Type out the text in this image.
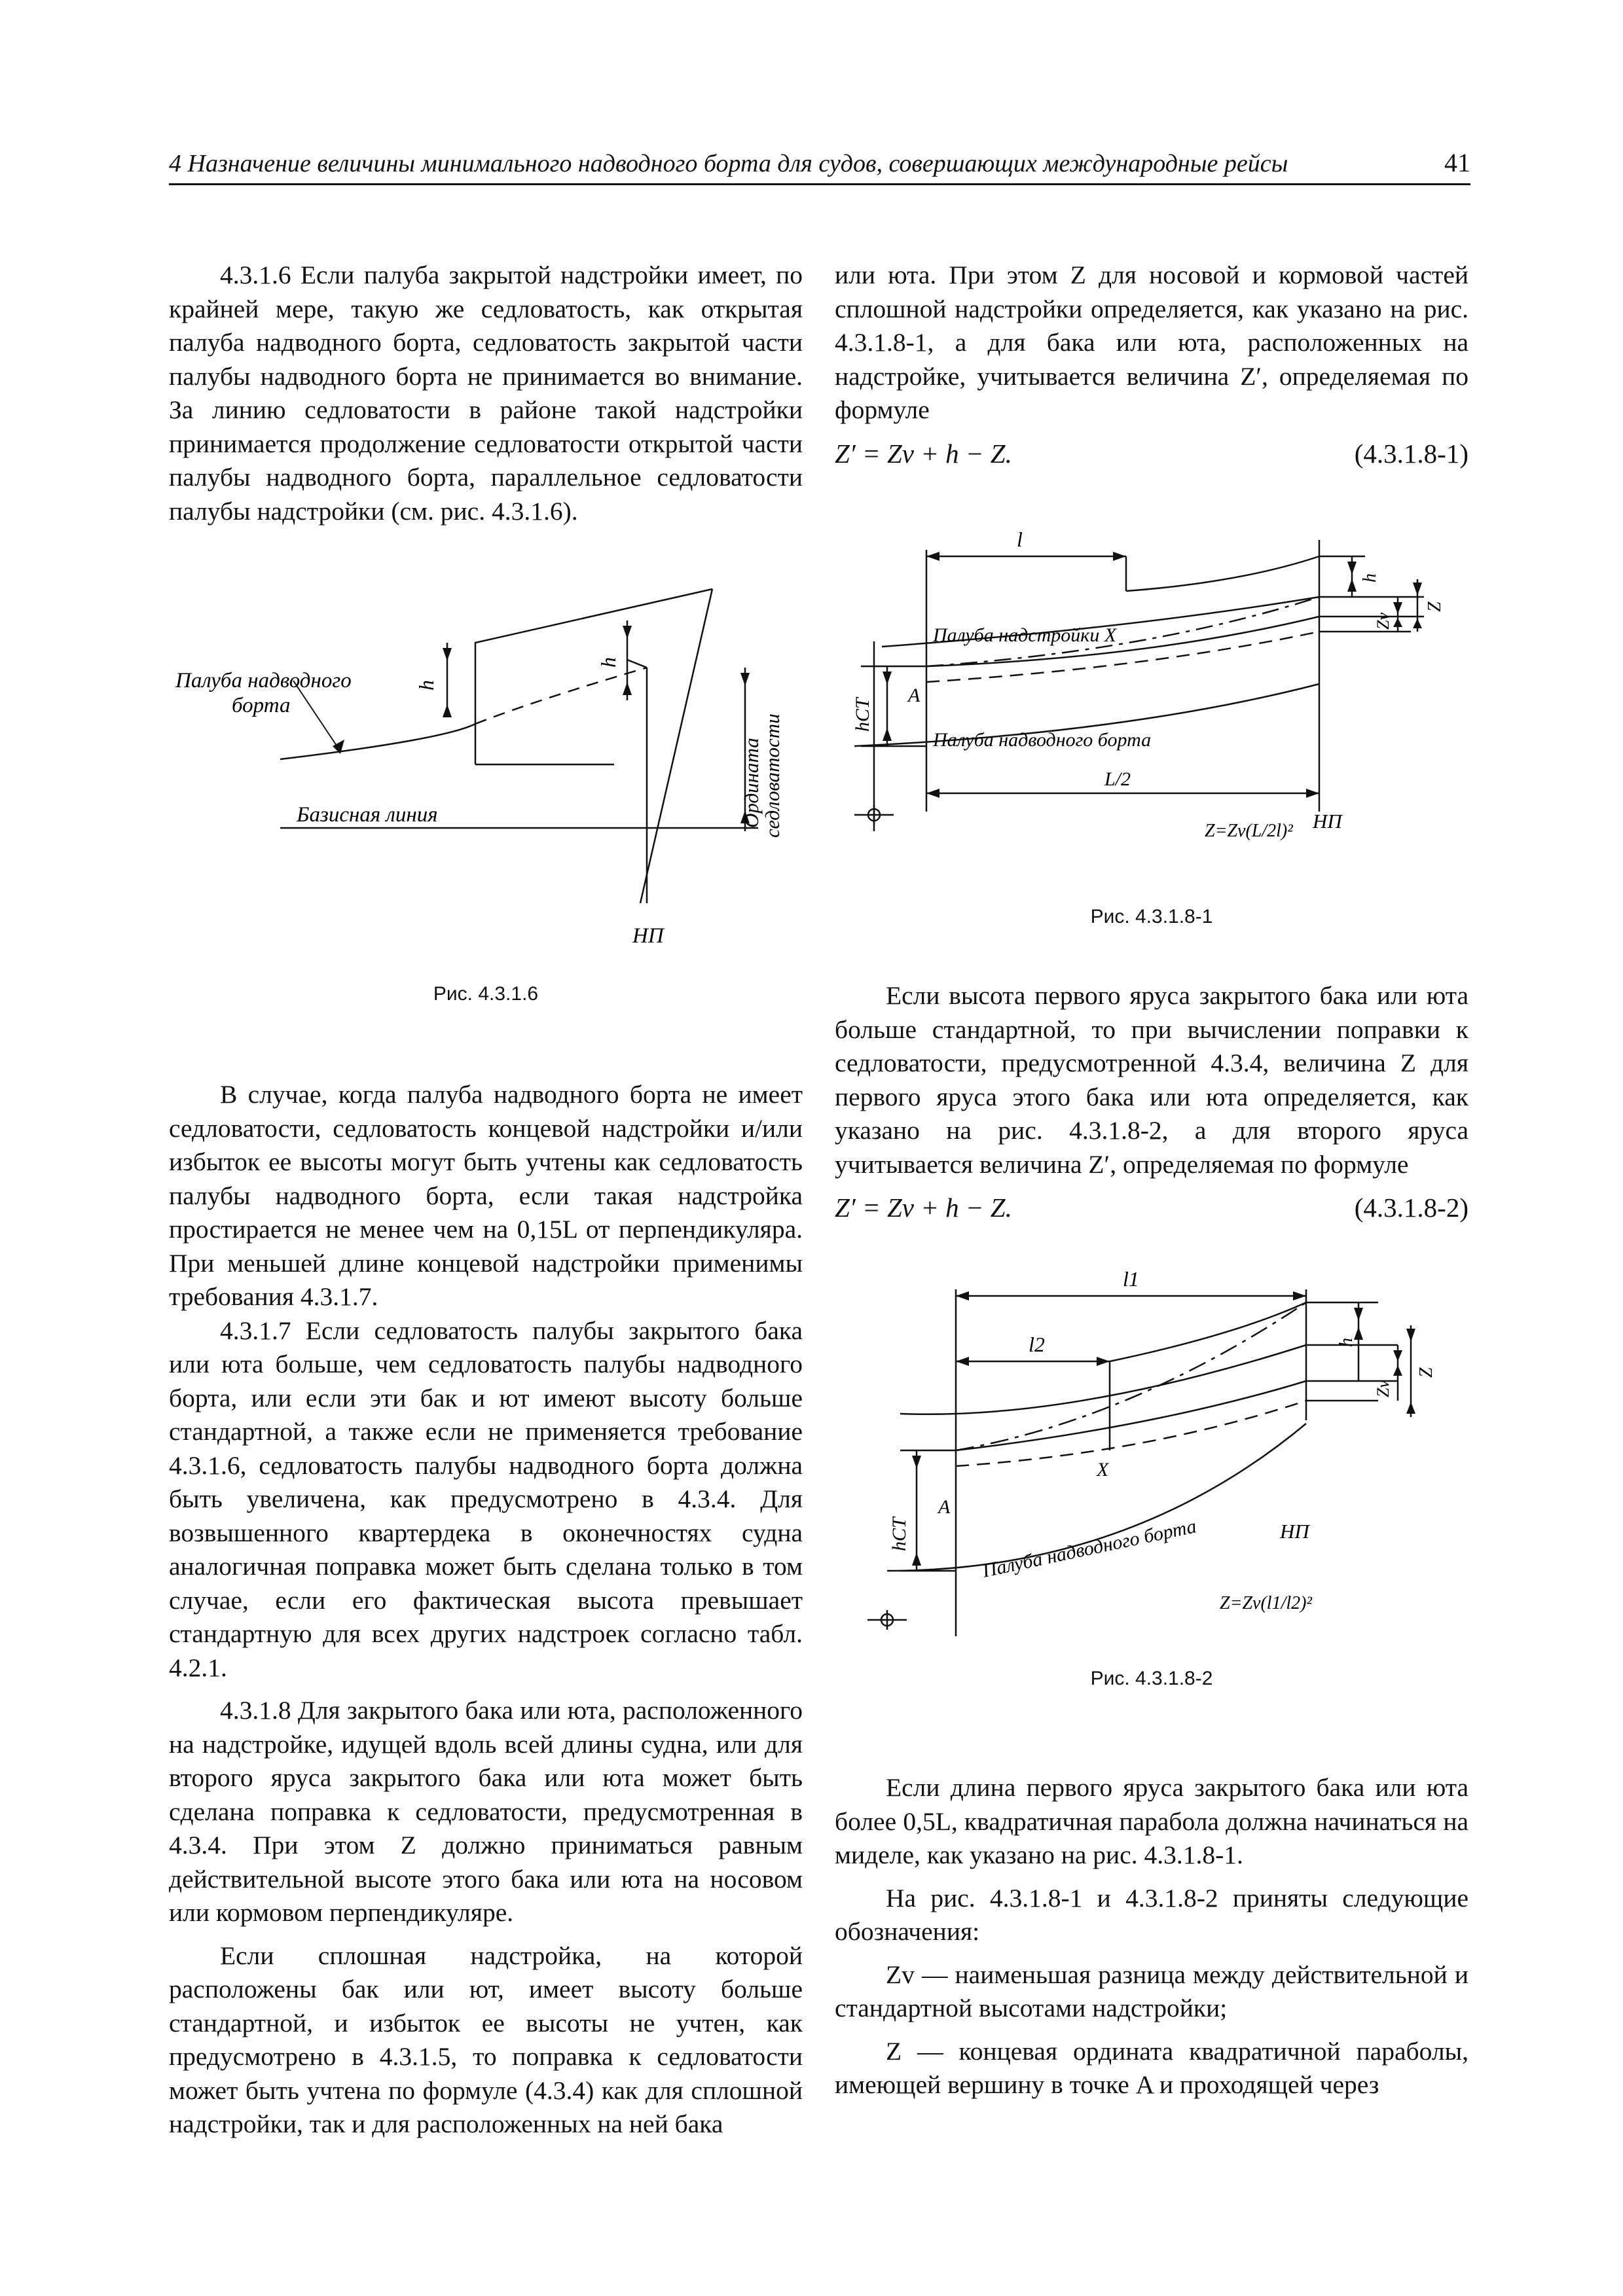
4 Назначение величины минимального надводного борта для судов, совершающих международные рейсы	41

4.3.1.6 Если палуба закрытой надстройки имеет, по крайней мере, такую же седловатость, как открытая палуба надводного борта, седловатость закрытой части палубы надводного борта не принимается во внимание. За линию седловатости в районе такой надстройки принимается продолжение седловатости открытой части палубы надводного борта, параллельное седловатости палубы надстройки (см. рис. 4.3.1.6).

Палуба надводного
борта
Базисная линия
НП
h
h
Ордината
седловатости
Рис. 4.3.1.6

В случае, когда палуба надводного борта не имеет седловатости, седловатость концевой надстройки и/или избыток ее высоты могут быть учтены как седловатость палубы надводного борта, если такая надстройка простирается не менее чем на 0,15L от перпендикуляра. При меньшей длине концевой надстройки применимы требования 4.3.1.7.

4.3.1.7 Если седловатость палубы закрытого бака или юта больше, чем седловатость палубы надводного борта, или если эти бак и ют имеют высоту больше стандартной, а также если не применяется требование 4.3.1.6, седловатость палубы надводного борта должна быть увеличена, как предусмотрено в 4.3.4. Для возвышенного квартердека в оконечностях судна аналогичная поправка может быть сделана только в том случае, если его фактическая высота превышает стандартную для всех других надстроек согласно табл. 4.2.1.

4.3.1.8 Для закрытого бака или юта, расположенного на надстройке, идущей вдоль всей длины судна, или для второго яруса закрытого бака или юта может быть сделана поправка к седловатости, предусмотренная в 4.3.4. При этом Z должно приниматься равным действительной высоте этого бака или юта на носовом или кормовом перпендикуляре.

Если сплошная надстройка, на которой расположены бак или ют, имеет высоту больше стандартной, и избыток ее высоты не учтен, как предусмотрено в 4.3.1.5, то поправка к седловатости может быть учтена по формуле (4.3.4) как для сплошной надстройки, так и для расположенных на ней бака

или юта. При этом Z для носовой и кормовой частей сплошной надстройки определяется, как указано на рис. 4.3.1.8-1, а для бака или юта, расположенных на надстройке, учитывается величина Z′, определяемая по формуле

Z′ = Zv + h − Z.	(4.3.1.8-1)
l
Палуба надстройки X
A
hCT
Палуба надводного борта
L/2
НП
h
Z
Zv
Z=Zv(L/2l)²
Рис. 4.3.1.8-1

Если высота первого яруса закрытого бака или юта больше стандартной, то при вычислении поправки к седловатости, предусмотренной 4.3.4, величина Z для первого яруса этого бака или юта определяется, как указано на рис. 4.3.1.8-2, а для второго яруса учитывается величина Z′, определяемая по формуле

Z′ = Zv + h − Z.	(4.3.1.8-2)
l1
l2
X
A
hCT	Палуба надводного борта	НП
h
Z
Zv
Z=Zv(l1/l2)²
Рис. 4.3.1.8-2

Если длина первого яруса закрытого бака или юта более 0,5L, квадратичная парабола должна начинаться на миделе, как указано на рис. 4.3.1.8-1.

На рис. 4.3.1.8-1 и 4.3.1.8-2 приняты следующие обозначения:

Zv — наименьшая разница между действительной и стандартной высотами надстройки;

Z — концевая ордината квадратичной параболы, имеющей вершину в точке A и проходящей через
